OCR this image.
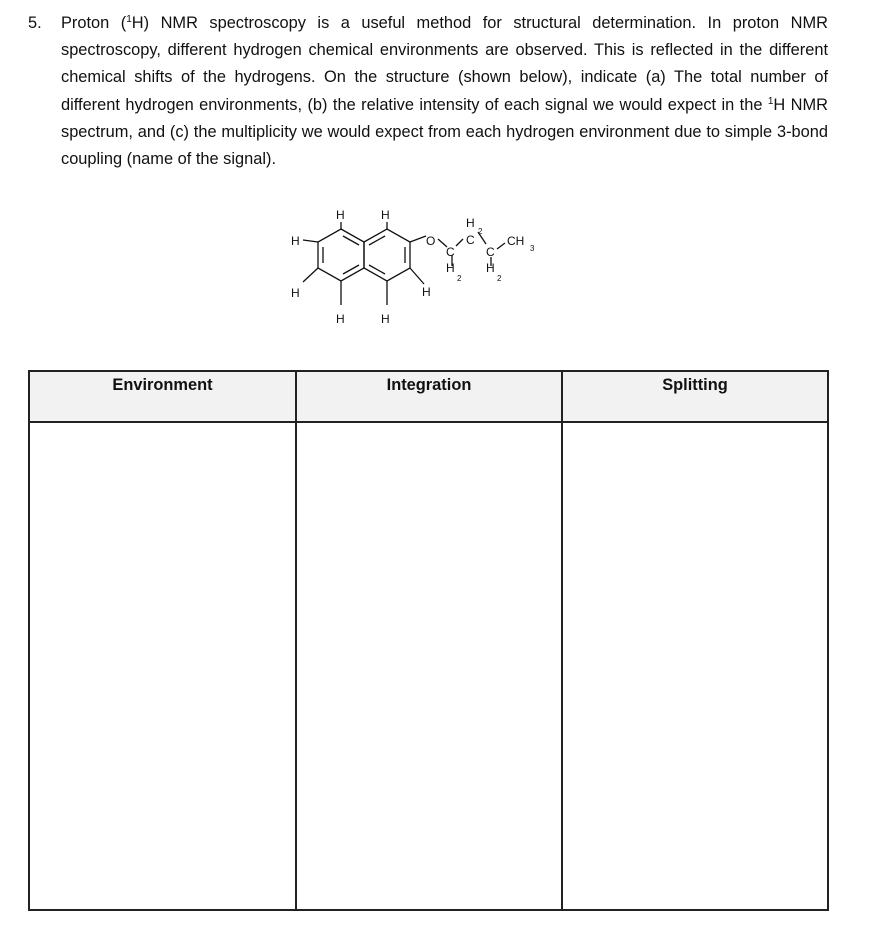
5. Proton ($^1$H) NMR spectroscopy is a useful method for structural determination. In proton NMR spectroscopy, different hydrogen chemical environments are observed. This is reflected in the different chemical shifts of the hydrogens. On the structure (shown below), indicate (a) The total number of different hydrogen environments, (b) the relative intensity of each signal we would expect in the $^1$H NMR spectrum, and (c) the multiplicity we would expect from each hydrogen environment due to simple 3-bond coupling (name of the signal).
H	H
H
H
H	H
H
O
C
H
2
H
2
C
C
H
2
CH
3
Environment	Integration	Splitting
